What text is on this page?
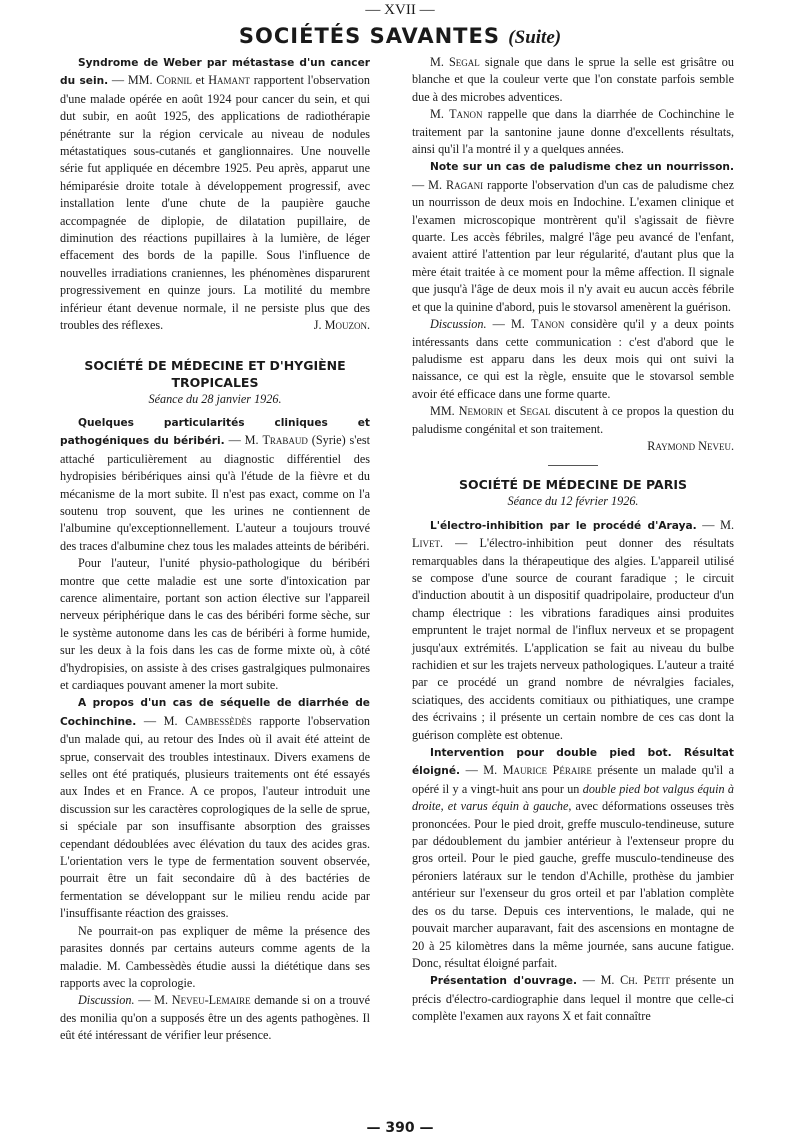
— XVII —
SOCIÉTÉS SAVANTES (Suite)

Syndrome de Weber par métastase d'un cancer du sein. — MM. Cornil et Hamant rapportent l'observation d'une malade opérée en août 1924 pour cancer du sein, et qui dut subir, en août 1925, des applications de radiothérapie pénétrante sur la région cervicale au niveau de nodules métastatiques sous-cutanés et ganglionnaires. Une nouvelle série fut appliquée en décembre 1925. Peu après, apparut une hémiparésie droite totale à développement progressif, avec installation lente d'une chute de la paupière gauche accompagnée de diplopie, de dilatation pupillaire, de diminution des réactions pupillaires à la lumière, de léger effacement des bords de la papille. Sous l'influence de nouvelles irradiations craniennes, les phénomènes disparurent progressivement en quinze jours. La motilité du membre inférieur étant devenue normale, il ne persiste plus que des troubles des réflexes.	J. Mouzon.

SOCIÉTÉ DE MÉDECINE ET D'HYGIÈNE TROPICALES

Séance du 28 janvier 1926.

Quelques particularités cliniques et pathogéniques du béribéri. — M. Trabaud (Syrie) s'est attaché particulièrement au diagnostic différentiel des hydropisies béribériques ainsi qu'à l'étude de la fièvre et du mécanisme de la mort subite. Il n'est pas exact, comme on l'a soutenu trop souvent, que les urines ne contiennent de l'albumine qu'exceptionnellement. L'auteur a toujours trouvé des traces d'albumine chez tous les malades atteints de béribéri.

Pour l'auteur, l'unité physio-pathologique du béribéri montre que cette maladie est une sorte d'intoxication par carence alimentaire, portant son action élective sur l'appareil nerveux périphérique dans le cas des béribéri forme sèche, sur le système autonome dans les cas de béribéri à forme humide, sur les deux à la fois dans les cas de forme mixte où, à côté d'hydropisies, on assiste à des crises gastralgiques pulmonaires et cardiaques pouvant amener la mort subite.

A propos d'un cas de séquelle de diarrhée de Cochinchine. — M. Cambessèdès rapporte l'observation d'un malade qui, au retour des Indes où il avait été atteint de sprue, conservait des troubles intestinaux. Divers examens de selles ont été pratiqués, plusieurs traitements ont été essayés aux Indes et en France. A ce propos, l'auteur introduit une discussion sur les caractères coprologiques de la selle de sprue, si spéciale par son insuffisante absorption des graisses cependant dédoublées avec élévation du taux des acides gras. L'orientation vers le type de fermentation souvent observée, pourrait être un fait secondaire dû à des bactéries de fermentation se développant sur le milieu rendu acide par l'insuffisante réaction des graisses.

Ne pourrait-on pas expliquer de même la présence des parasites donnés par certains auteurs comme agents de la maladie. M. Cambessèdès étudie aussi la diététique dans ses rapports avec la coprologie.

Discussion. — M. Neveu-Lemaire demande si on a trouvé des monilia qu'on a supposés être un des agents pathogènes. Il eût été intéressant de vérifier leur présence.

M. Segal signale que dans le sprue la selle est grisâtre ou blanche et que la couleur verte que l'on constate parfois semble due à des microbes adventices.

M. Tanon rappelle que dans la diarrhée de Cochinchine le traitement par la santonine jaune donne d'excellents résultats, ainsi qu'il l'a montré il y a quelques années.

Note sur un cas de paludisme chez un nourrisson. — M. Ragani rapporte l'observation d'un cas de paludisme chez un nourrisson de deux mois en Indochine. L'examen clinique et l'examen microscopique montrèrent qu'il s'agissait de fièvre quarte. Les accès fébriles, malgré l'âge peu avancé de l'enfant, avaient attiré l'attention par leur régularité, d'autant plus que la mère était traitée à ce moment pour la même affection. Il signale que jusqu'à l'âge de deux mois il n'y avait eu aucun accès fébrile et que la quinine d'abord, puis le stovarsol amenèrent la guérison.

Discussion. — M. Tanon considère qu'il y a deux points intéressants dans cette communication : c'est d'abord que le paludisme est apparu dans les deux mois qui ont suivi la naissance, ce qui est la règle, ensuite que le stovarsol semble avoir été efficace dans une forme quarte.

MM. Nemorin et Segal discutent à ce propos la question du paludisme congénital et son traitement.

Raymond Neveu.

SOCIÉTÉ DE MÉDECINE DE PARIS

Séance du 12 février 1926.

L'électro-inhibition par le procédé d'Araya. — M. Livet. — L'électro-inhibition peut donner des résultats remarquables dans la thérapeutique des algies. L'appareil utilisé se compose d'une source de courant faradique ; le circuit d'induction aboutit à un dispositif quadripolaire, producteur d'un champ électrique : les vibrations faradiques ainsi produites empruntent le trajet normal de l'influx nerveux et se propagent jusqu'aux extrémités. L'application se fait au niveau du bulbe rachidien et sur les trajets nerveux pathologiques. L'auteur a traité par ce procédé un grand nombre de névralgies faciales, sciatiques, des accidents comitiaux ou pithiatiques, une crampe des écrivains ; il présente un certain nombre de ces cas dont la guérison complète est obtenue.

Intervention pour double pied bot. Résultat éloigné. — M. Maurice Péraire présente un malade qu'il a opéré il y a vingt-huit ans pour un double pied bot valgus équin à droite, et varus équin à gauche, avec déformations osseuses très prononcées. Pour le pied droit, greffe musculo-tendineuse, suture par dédoublement du jambier antérieur à l'extenseur propre du gros orteil. Pour le pied gauche, greffe musculo-tendineuse des péroniers latéraux sur le tendon d'Achille, prothèse du jambier antérieur sur l'exenseur du gros orteil et par l'ablation complète des os du tarse. Depuis ces interventions, le malade, qui ne pouvait marcher auparavant, fait des ascensions en montagne de 20 à 25 kilomètres dans la même journée, sans aucune fatigue. Donc, résultat éloigné parfait.

Présentation d'ouvrage. — M. Ch. Petit présente un précis d'électro-cardiographie dans lequel il montre que celle-ci complète l'examen aux rayons X et fait connaître

— 390 —
